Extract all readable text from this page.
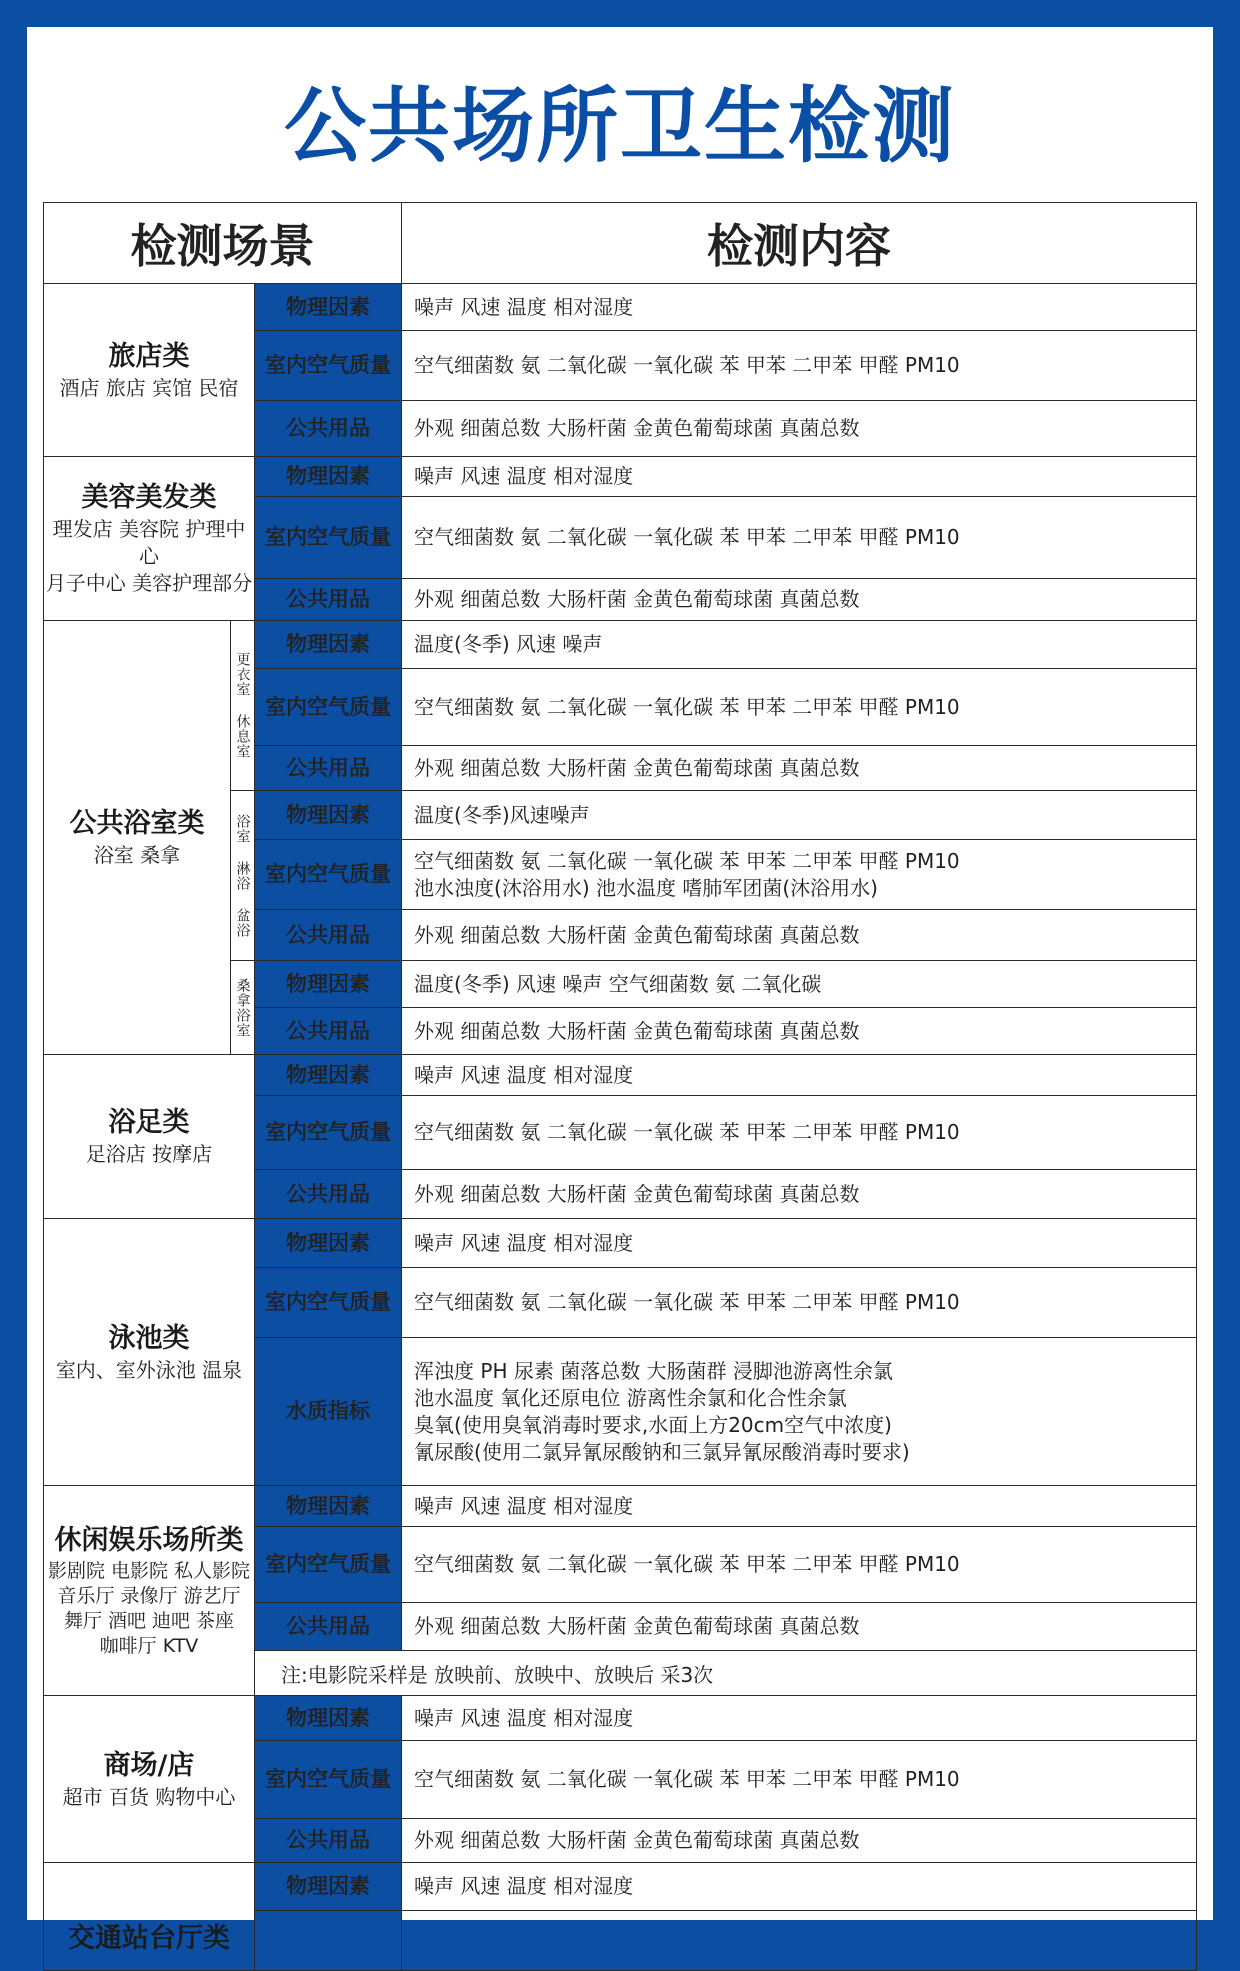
公共场所卫生检测
检测场景			检测内容

旅店类
酒店 旅店 宾馆 民宿		物理因素	噪声 风速 温度 相对湿度
		室内空气质量	空气细菌数 氨 二氧化碳 一氧化碳 苯 甲苯 二甲苯 甲醛 PM10
		公共用品	外观 细菌总数 大肠杆菌 金黄色葡萄球菌 真菌总数

美容美发类
理发店 美容院 护理中心
月子中心 美容护理部分		物理因素	噪声 风速 温度 相对湿度
		室内空气质量	空气细菌数 氨 二氧化碳 一氧化碳 苯 甲苯 二甲苯 甲醛 PM10
		公共用品	外观 细菌总数 大肠杆菌 金黄色葡萄球菌 真菌总数

公共浴室类
浴室 桑拿	更衣室 休息室	物理因素	温度(冬季) 风速 噪声
		室内空气质量	空气细菌数 氨 二氧化碳 一氧化碳 苯 甲苯 二甲苯 甲醛 PM10
		公共用品	外观 细菌总数 大肠杆菌 金黄色葡萄球菌 真菌总数
	浴室 淋浴 盆浴	物理因素	温度(冬季)风速噪声
		室内空气质量	空气细菌数 氨 二氧化碳 一氧化碳 苯 甲苯 二甲苯 甲醛 PM10
池水浊度(沐浴用水) 池水温度 嗜肺军团菌(沐浴用水)

		公共用品	外观 细菌总数 大肠杆菌 金黄色葡萄球菌 真菌总数
	桑拿浴室	物理因素	温度(冬季) 风速 噪声 空气细菌数 氨 二氧化碳
		公共用品	外观 细菌总数 大肠杆菌 金黄色葡萄球菌 真菌总数

浴足类
足浴店 按摩店		物理因素	噪声 风速 温度 相对湿度
		室内空气质量	空气细菌数 氨 二氧化碳 一氧化碳 苯 甲苯 二甲苯 甲醛 PM10
		公共用品	外观 细菌总数 大肠杆菌 金黄色葡萄球菌 真菌总数

泳池类
室内、室外泳池 温泉		物理因素	噪声 风速 温度 相对湿度
		室内空气质量	空气细菌数 氨 二氧化碳 一氧化碳 苯 甲苯 二甲苯 甲醛 PM10
		水质指标	浑浊度 PH 尿素 菌落总数 大肠菌群 浸脚池游离性余氯
池水温度 氧化还原电位 游离性余氯和化合性余氯
臭氧(使用臭氧消毒时要求,水面上方20cm空气中浓度)
氰尿酸(使用二氯异氰尿酸钠和三氯异氰尿酸消毒时要求)

休闲娱乐场所类
影剧院 电影院 私人影院
音乐厅 录像厅 游艺厅
舞厅 酒吧 迪吧 茶座
咖啡厅 KTV		物理因素	噪声 风速 温度 相对湿度
		室内空气质量	空气细菌数 氨 二氧化碳 一氧化碳 苯 甲苯 二甲苯 甲醛 PM10
		公共用品	外观 细菌总数 大肠杆菌 金黄色葡萄球菌 真菌总数
		注:电影院采样是 放映前、放映中、放映后 采3次	

商场/店
超市 百货 购物中心		物理因素	噪声 风速 温度 相对湿度
		室内空气质量	空气细菌数 氨 二氧化碳 一氧化碳 苯 甲苯 二甲苯 甲醛 PM10
		公共用品	外观 细菌总数 大肠杆菌 金黄色葡萄球菌 真菌总数

交通站台厅类		物理因素	噪声 风速 温度 相对湿度
